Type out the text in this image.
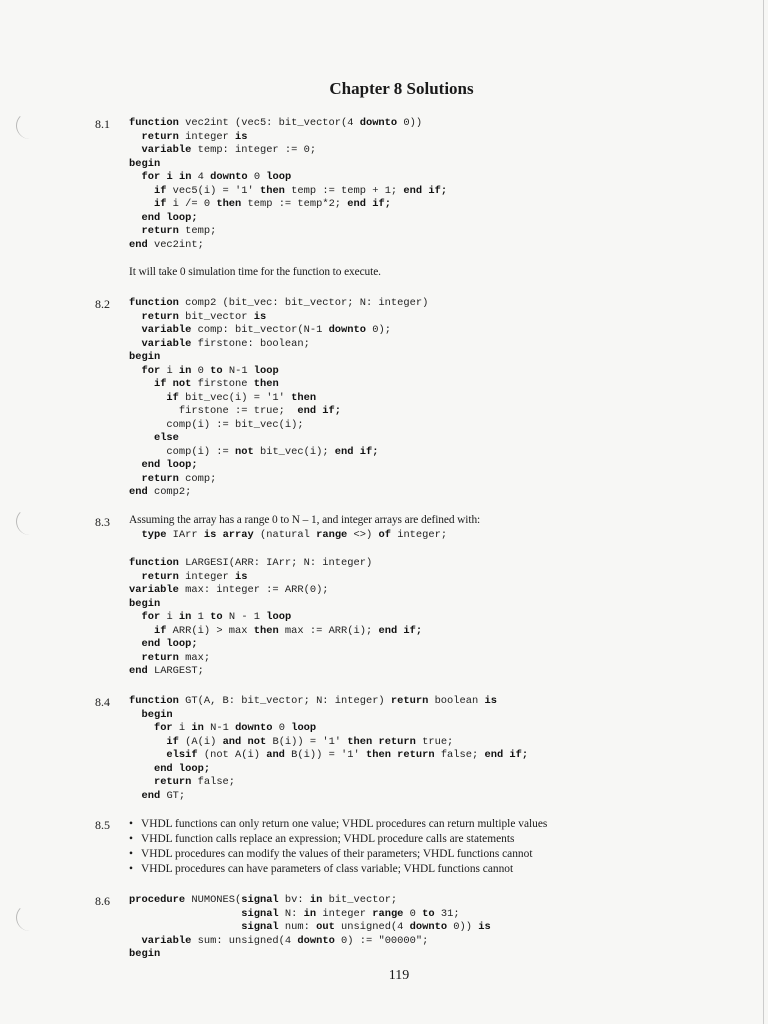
Chapter 8 Solutions
8.1 function vec2int (vec5: bit_vector(4 downto 0))
return integer is
variable temp: integer := 0;
begin
for i in 4 downto 0 loop
if vec5(i) = '1' then temp := temp + 1; end if;
if i /= 0 then temp := temp*2; end if;
end loop;
return temp;
end vec2int;
It will take 0 simulation time for the function to execute.
8.2 function comp2 (bit_vec: bit_vector; N: integer)
return bit_vector is
variable comp: bit_vector(N-1 downto 0);
variable firstone: boolean;
begin
for i in 0 to N-1 loop
if not firstone then
if bit_vec(i) = '1' then
firstone := true;  end if;
comp(i) := bit_vec(i);
else
comp(i) := not bit_vec(i); end if;
end loop;
return comp;
end comp2;
8.3 Assuming the array has a range 0 to N – 1, and integer arrays are defined with:
type IArr is array (natural range <>) of integer;
function LARGESI(ARR: IArr; N: integer)
return integer is
variable max: integer := ARR(0);
begin
for i in 1 to N - 1 loop
if ARR(i) > max then max := ARR(i); end if;
end loop;
return max;
end LARGEST;
8.4 function GT(A, B: bit_vector; N: integer) return boolean is
begin
for i in N-1 downto 0 loop
if (A(i) and not B(i)) = '1' then return true;
elsif (not A(i) and B(i)) = '1' then return false; end if;
end loop;
return false;
end GT;
8.5
•	VHDL functions can only return one value; VHDL procedures can return multiple values
• VHDL function calls replace an expression; VHDL procedure calls are statements
• VHDL procedures can modify the values of their parameters; VHDL functions cannot
• VHDL procedures can have parameters of class variable; VHDL functions cannot
8.6 procedure NUMONES(signal bv: in bit_vector;
signal N: in integer range 0 to 31;
signal num: out unsigned(4 downto 0)) is
variable sum: unsigned(4 downto 0) := "00000";
begin
119
